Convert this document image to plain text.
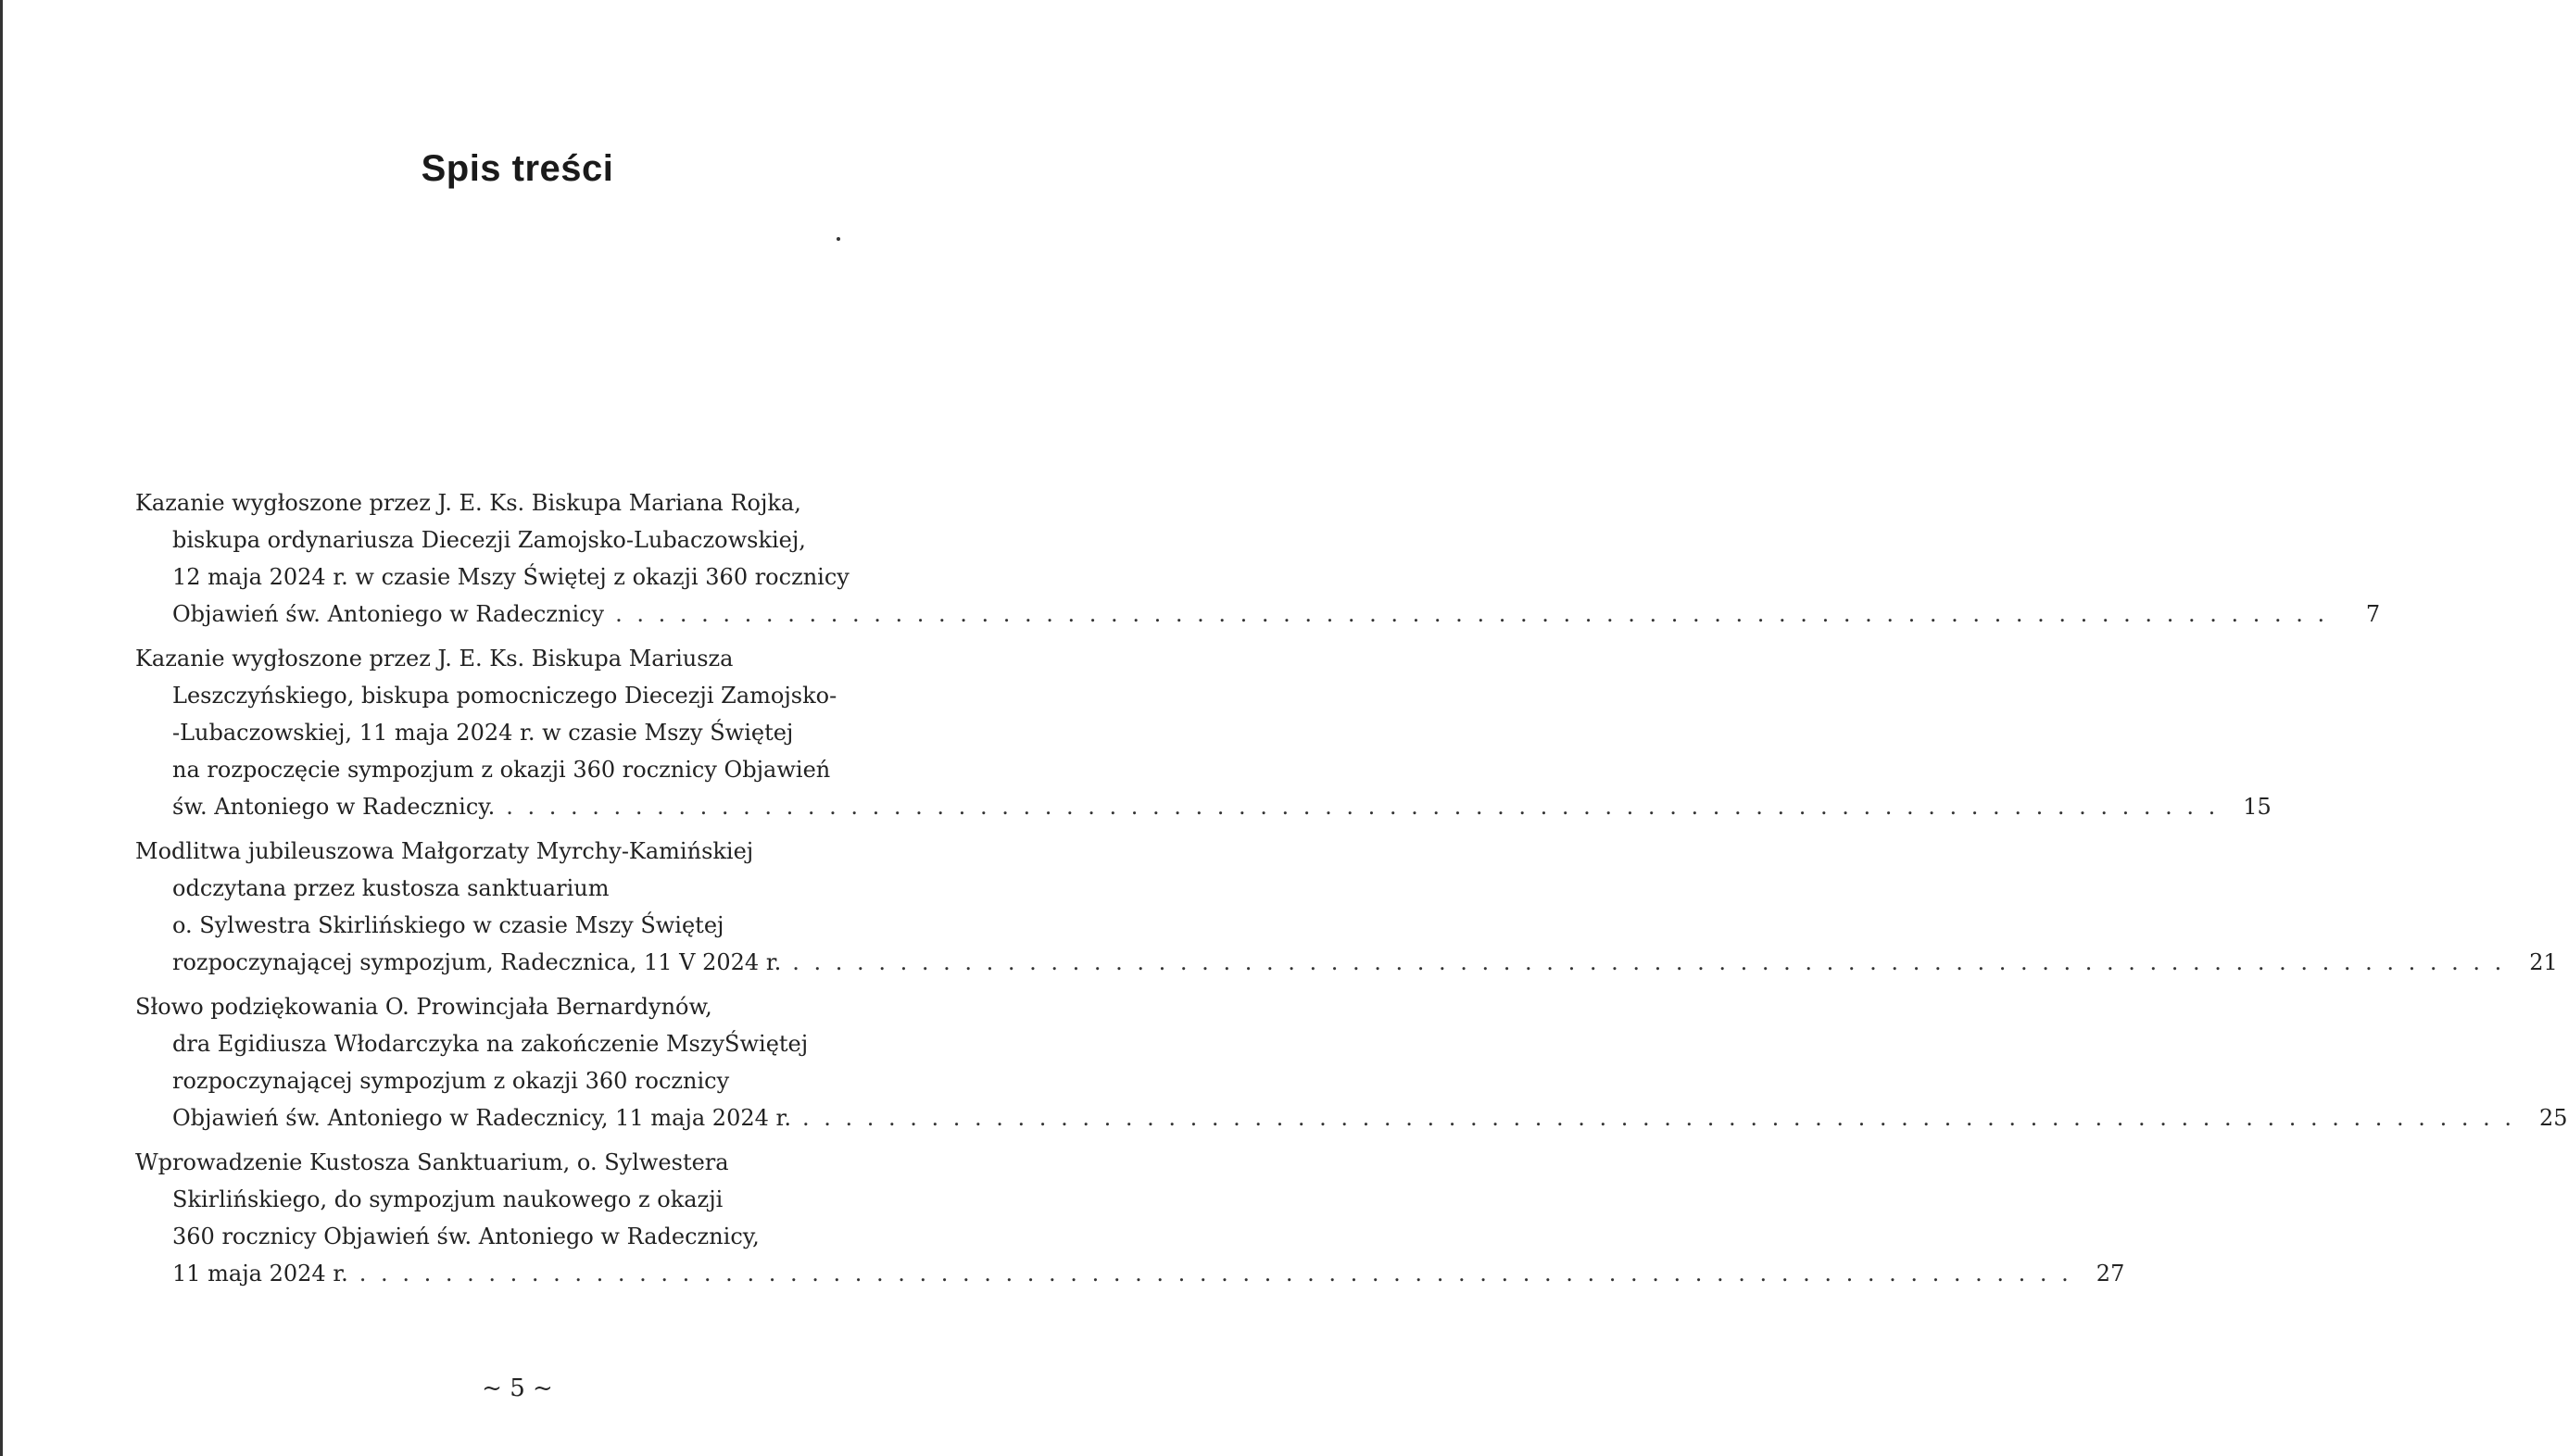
Spis treści
Kazanie wygłoszone przez J. E. Ks. Biskupa Mariana Rojka,
biskupa ordynariusza Diecezji Zamojsko-Lubaczowskiej,
12 maja 2024 r. w czasie Mszy Świętej z okazji 360 rocznicy
Objawień św. Antoniego w Radecznicy . . . . . . . . . . . . . . . . . . . . . . . . . . . . . . . . . . . . . . . . . . . . . . . . . . . . . . . . . . . . . . . . . . . . . . . . . . . . . . . .	7
Kazanie wygłoszone przez J. E. Ks. Biskupa Mariusza
Leszczyńskiego, biskupa pomocniczego Diecezji Zamojsko-
-Lubaczowskiej, 11 maja 2024 r. w czasie Mszy Świętej
na rozpoczęcie sympozjum z okazji 360 rocznicy Objawień
św. Antoniego w Radecznicy. . . . . . . . . . . . . . . . . . . . . . . . . . . . . . . . . . . . . . . . . . . . . . . . . . . . . . . . . . . . . . . . . . . . . . . . . . . . . . . . . 15
Modlitwa jubileuszowa Małgorzaty Myrchy-Kamińskiej
odczytana przez kustosza sanktuarium
o. Sylwestra Skirlińskiego w czasie Mszy Świętej
rozpoczynającej sympozjum, Radecznica, 11 V 2024 r. . . . . . . . . . . . . . . . . . . . . . . . . . . . . . . . . . . . . . . . . . . . . . . . . . . . . . . . . . . . . . . . . . . . . . . . . . . . . . . . . 21
Słowo podziękowania O. Prowincjała Bernardynów,
dra Egidiusza Włodarczyka na zakończenie MszyŚwiętej
rozpoczynającej sympozjum z okazji 360 rocznicy
Objawień św. Antoniego w Radecznicy, 11 maja 2024 r. . . . . . . . . . . . . . . . . . . . . . . . . . . . . . . . . . . . . . . . . . . . . . . . . . . . . . . . . . . . . . . . . . . . . . . . . . . . . . . . . 25
Wprowadzenie Kustosza Sanktuarium, o. Sylwestera
Skirlińskiego, do sympozjum naukowego z okazji
360 rocznicy Objawień św. Antoniego w Radecznicy,
11 maja 2024 r. . . . . . . . . . . . . . . . . . . . . . . . . . . . . . . . . . . . . . . . . . . . . . . . . . . . . . . . . . . . . . . . . . . . . . . . . . . . . . . . . 27
~ 5 ~
